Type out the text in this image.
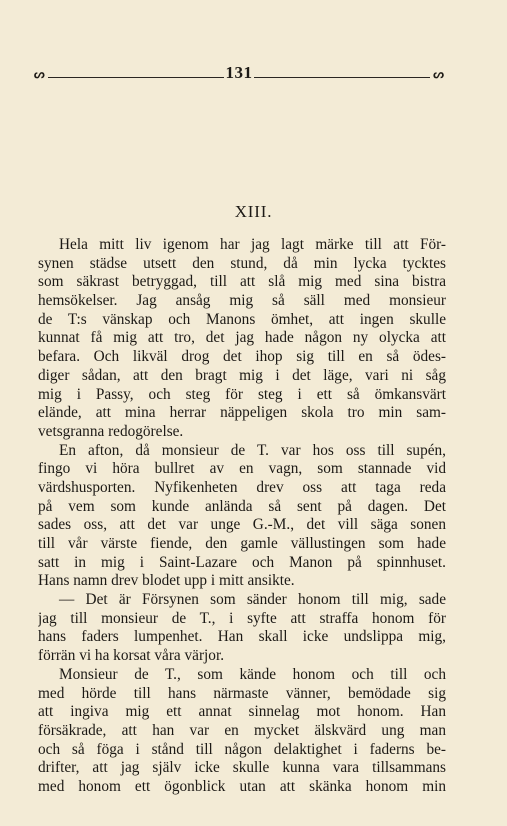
ᔕ	131	ᔕ
XIII.
Hela mitt liv igenom har jag lagt märke till att För-
synen städse utsett den stund, då min lycka tycktes
som säkrast betryggad, till att slå mig med sina bistra
hemsökelser. Jag ansåg mig så säll med monsieur
de T:s vänskap och Manons ömhet, att ingen skulle
kunnat få mig att tro, det jag hade någon ny olycka att
befara. Och likväl drog det ihop sig till en så ödes-
diger sådan, att den bragt mig i det läge, vari ni såg
mig i Passy, och steg för steg i ett så ömkansvärt
elände, att mina herrar näppeligen skola tro min sam-
vetsgranna redogörelse.
En afton, då monsieur de T. var hos oss till supén,
fingo vi höra bullret av en vagn, som stannade vid
värdshusporten. Nyfikenheten drev oss att taga reda
på vem som kunde anlända så sent på dagen. Det
sades oss, att det var unge G.-M., det vill säga sonen
till vår värste fiende, den gamle vällustingen som hade
satt in mig i Saint-Lazare och Manon på spinnhuset.
Hans namn drev blodet upp i mitt ansikte.
— Det är Försynen som sänder honom till mig, sade
jag till monsieur de T., i syfte att straffa honom för
hans faders lumpenhet. Han skall icke undslippa mig,
förrän vi ha korsat våra värjor.
Monsieur de T., som kände honom och till och
med hörde till hans närmaste vänner, bemödade sig
att ingiva mig ett annat sinnelag mot honom. Han
försäkrade, att han var en mycket älskvärd ung man
och så föga i stånd till någon delaktighet i faderns be-
drifter, att jag själv icke skulle kunna vara tillsammans
med honom ett ögonblick utan att skänka honom min
